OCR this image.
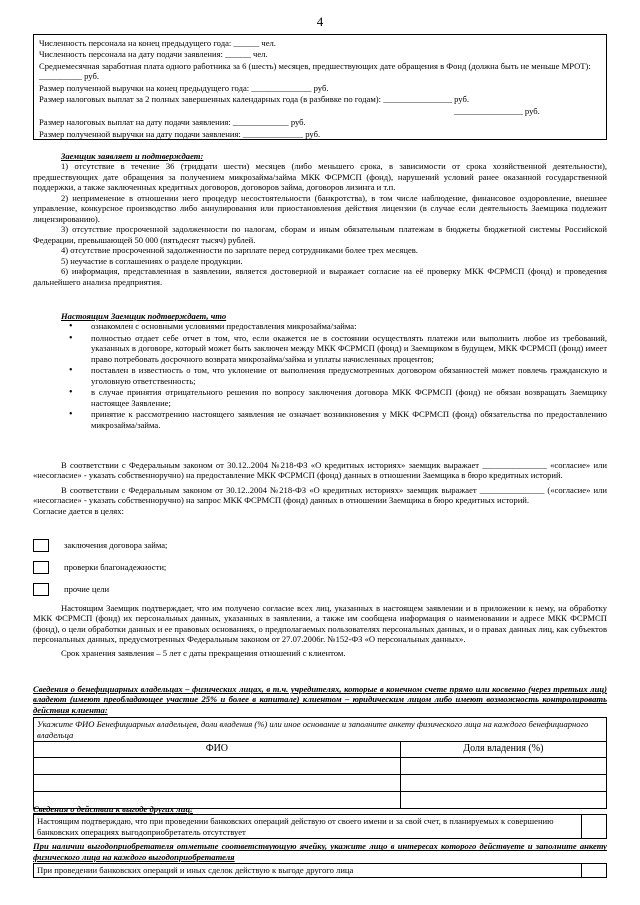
4

Численность персонала на конец предыдущего года: ______ чел.

Численность персонала на дату подачи заявления: ______ чел.

Среднемесячная заработная плата одного работника за 6 (шесть) месяцев, предшествующих дате обращения в Фонд (должна быть не меньше МРОТ): __________ руб.

Размер полученной выручки на конец предыдущего года: ______________ руб.

Размер налоговых выплат за 2 полных завершенных календарных года (в разбивке по годам): ________________ руб.

________________ руб.

Размер налоговых выплат на дату подачи заявления: _____________ руб.

Размер полученной выручки на дату подачи заявления: ______________ руб.

Заемщик заявляет и подтверждает:

1) отсутствие в течение 36 (тридцати шести) месяцев (либо меньшего срока, в зависимости от срока хозяйственной деятельности), предшествующих дате обращения за получением микрозайма/займа МКК ФСРМСП (фонд), нарушений условий ранее оказанной государственной поддержки, а также заключенных кредитных договоров, договоров займа, договоров лизинга и т.п.

2) неприменение в отношении него процедур несостоятельности (банкротства), в том числе наблюдение, финансовое оздоровление, внешнее управление, конкурсное производство либо аннулирования или приостановления действия лицензии (в случае если деятельность Заемщика подлежит лицензированию).

3) отсутствие просроченной задолженности по налогам, сборам и иным обязательным платежам в бюджеты бюджетной системы Российской Федерации, превышающей 50 000 (пятьдесят тысяч) рублей.

4) отсутствие просроченной задолженности по зарплате перед сотрудниками более трех месяцев.

5) неучастие в соглашениях о разделе продукции.

6) информация, представленная в заявлении, является достоверной и выражает согласие на её проверку МКК ФСРМСП (фонд) и проведения дальнейшего анализа предприятия.

Настоящим Заемщик подтверждает, что

• ознакомлен с основными условиями предоставления микрозайма/займа:
• полностью отдает себе отчет в том, что, если окажется не в состоянии осуществлять платежи или выполнить любое из требований, указанных в договоре, который может быть заключен между МКК ФСРМСП (фонд) и Заемщиком в будущем, МКК ФСРМСП (фонд) имеет право потребовать досрочного возврата микрозайма/займа и уплаты начисленных процентов;
• поставлен в известность о том, что уклонение от выполнения предусмотренных договором обязанностей может повлечь гражданскую и уголовную ответственность;
• в случае принятия отрицательного решения по вопросу заключения договора МКК ФСРМСП (фонд) не обязан возвращать Заемщику настоящее Заявление;
• принятие к рассмотрению настоящего заявления не означает возникновения у МКК ФСРМСП (фонд) обязательства по предоставлению микрозайма/займа.

В соответствии с Федеральным законом от 30.12..2004 №218-ФЗ «О кредитных историях» заемщик выражает _______________ «согласие» или «несогласие» - указать собственноручно) на предоставление МКК ФСРМСП (фонд) данных в отношении Заемщика в бюро кредитных историй.

В соответствии с Федеральным законом от 30.12..2004 №218-ФЗ «О кредитных историях» заемщик выражает _______________ («согласие» или «несогласие» - указать собственноручно) на запрос МКК ФСРМСП (фонд) данных в отношении Заемщика в бюро кредитных историй.

Согласие дается в целях:

заключения договора займа;
проверки благонадежности;
прочие цели

Настоящим Заемщик подтверждает, что им получено согласие всех лиц, указанных в настоящем заявлении и в приложении к нему, на обработку МКК ФСРМСП (фонд) их персональных данных, указанных в заявлении, а также им сообщена информация о наименовании и адресе МКК ФСРМСП (фонд), о цели обработки данных и ее правовых основаниях, о предполагаемых пользователях персональных данных, и о правах данных лиц, как субъектов персональных данных, предусмотренных Федеральным законом от 27.07.2006г. №152-ФЗ «О персональных данных».

Срок хранения заявления – 5 лет с даты прекращения отношений с клиентом.

Сведения о бенефициарных владельцах – физических лицах, в т.ч. учредителях, которые в конечном счете прямо или косвенно (через третьих лиц) владеют (имеют преобладающее участие 25% и более в капитале) клиентом – юридическим лицом либо имеют возможность контролировать действия клиента:

Укажите ФИО Бенефициарных владельцев, доли владения (%) или иное основание и заполните анкету физического лица на каждого бенефициарного владельца	
ФИО	Доля владения (%)

Сведения о действии к выгоде других лиц:

Настоящим подтверждаю, что при проведении банковских операций действую от своего имени и за свой счет, в планируемых к совершению банковских операциях выгодоприобретатель отсутствует	

При наличии выгодоприобретателя отметьте соответствующую ячейку, укажите лицо в интересах которого действуете и заполните анкету физического лица на каждого выгодоприобретателя

При проведении банковских операций и иных сделок действую к выгоде другого лица	
